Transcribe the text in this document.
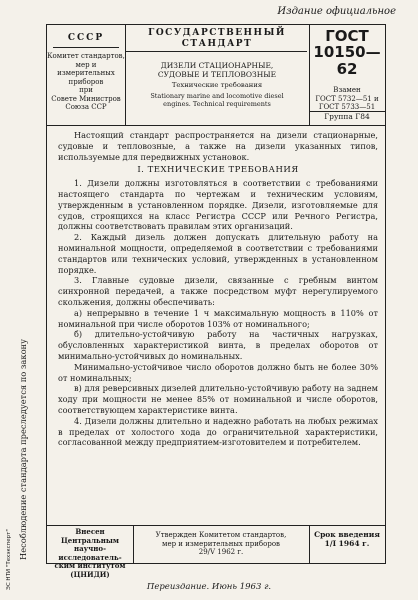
Издание официальное
СССР
Комитет стандартов,
мер и измерительных
приборов
при
Совете Министров
Союза ССР
ГОСУДАРСТВЕННЫЙ
СТАНДАРТ
ДИЗЕЛИ СТАЦИОНАРНЫЕ,
СУДОВЫЕ И ТЕПЛОВОЗНЫЕ
Технические требования
Stationary marine and locomotive diesel
engines. Technical requirements
ГОСТ
10150—62
Взамен
ГОСТ 5732—51 и
ГОСТ 5733—51
Группа Г84
Внесен Центральным
научно-исследователь-
ским институтом
(ЦНИДИ)
Утвержден Комитетом стандартов,
мер и измерительных приборов
29/V 1962 г.
Срок введения
1/I 1964 г.

Настоящий стандарт распространяется на дизели стационарные, судовые и тепловозные, а также на дизели указанных типов, используемые для передвижных установок.

I. ТЕХНИЧЕСКИЕ ТРЕБОВАНИЯ

1. Дизели должны изготовляться в соответствии с требованиями настоящего стандарта по чертежам и техническим условиям, утвержденным в установленном порядке. Дизели, изготовляемые для судов, строящихся на класс Регистра СССР или Речного Регистра, должны соответствовать правилам этих организаций.

2. Каждый дизель должен допускать длительную работу на номинальной мощности, определяемой в соответствии с требованиями стандартов или технических условий, утвержденных в установленном порядке.

3. Главные судовые дизели, связанные с гребным винтом синхронной передачей, а также посредством муфт нерегулируемого скольжения, должны обеспечивать:

а) непрерывно в течение 1 ч максимальную мощность в 110% от номинальной при числе оборотов 103% от номинального;

б) длительно-устойчивую работу на частичных нагрузках, обусловленных характеристикой винта, в пределах оборотов от минимально-устойчивых до номинальных.

Минимально-устойчивое число оборотов должно быть не более 30% от номинальных;

в) для реверсивных дизелей длительно-устойчивую работу на заднем ходу при мощности не менее 85% от номинальной и числе оборотов, соответствующем характеристике винта.

4. Дизели должны длительно и надежно работать на любых режимах в пределах от холостого хода до ограничительной характеристики, согласованной между предприятием-изготовителем и потребителем.

Несоблюдение стандарта преследуется по закону
ЭС НТИ "Техэксперт"	Переиздание. Июнь 1963 г.
